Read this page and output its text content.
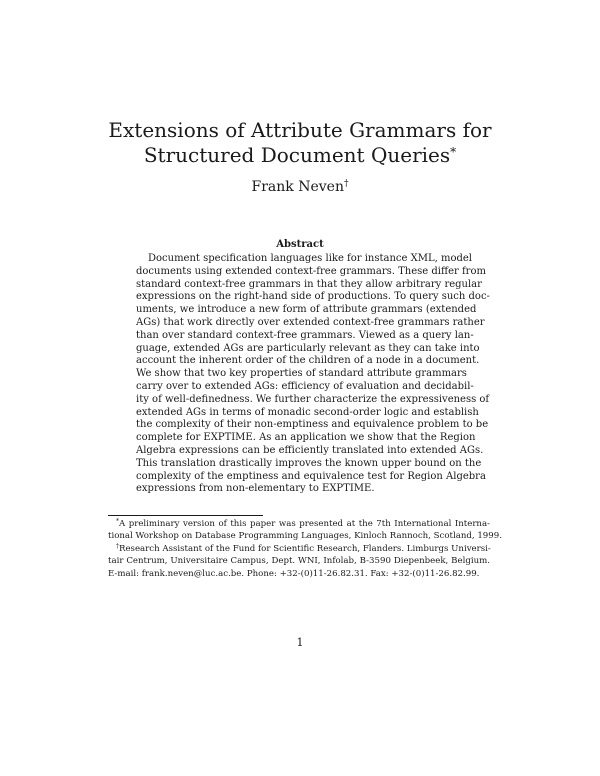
Extensions of Attribute Grammars for
Structured Document Queries*
Frank Neven†
Abstract
Document specification languages like for instance XML, model
documents using extended context-free grammars. These differ from
standard context-free grammars in that they allow arbitrary regular
expressions on the right-hand side of productions. To query such doc-
uments, we introduce a new form of attribute grammars (extended
AGs) that work directly over extended context-free grammars rather
than over standard context-free grammars. Viewed as a query lan-
guage, extended AGs are particularly relevant as they can take into
account the inherent order of the children of a node in a document.
We show that two key properties of standard attribute grammars
carry over to extended AGs: efficiency of evaluation and decidabil-
ity of well-definedness. We further characterize the expressiveness of
extended AGs in terms of monadic second-order logic and establish
the complexity of their non-emptiness and equivalence problem to be
complete for EXPTIME. As an application we show that the Region
Algebra expressions can be efficiently translated into extended AGs.
This translation drastically improves the known upper bound on the
complexity of the emptiness and equivalence test for Region Algebra
expressions from non-elementary to EXPTIME.
*A preliminary version of this paper was presented at the 7th International Interna-
tional Workshop on Database Programming Languages, Kinloch Rannoch, Scotland, 1999.
†Research Assistant of the Fund for Scientific Research, Flanders. Limburgs Universi-
tair Centrum, Universitaire Campus, Dept. WNI, Infolab, B-3590 Diepenbeek, Belgium.
E-mail: frank.neven@luc.ac.be. Phone: +32-(0)11-26.82.31. Fax: +32-(0)11-26.82.99.
1
